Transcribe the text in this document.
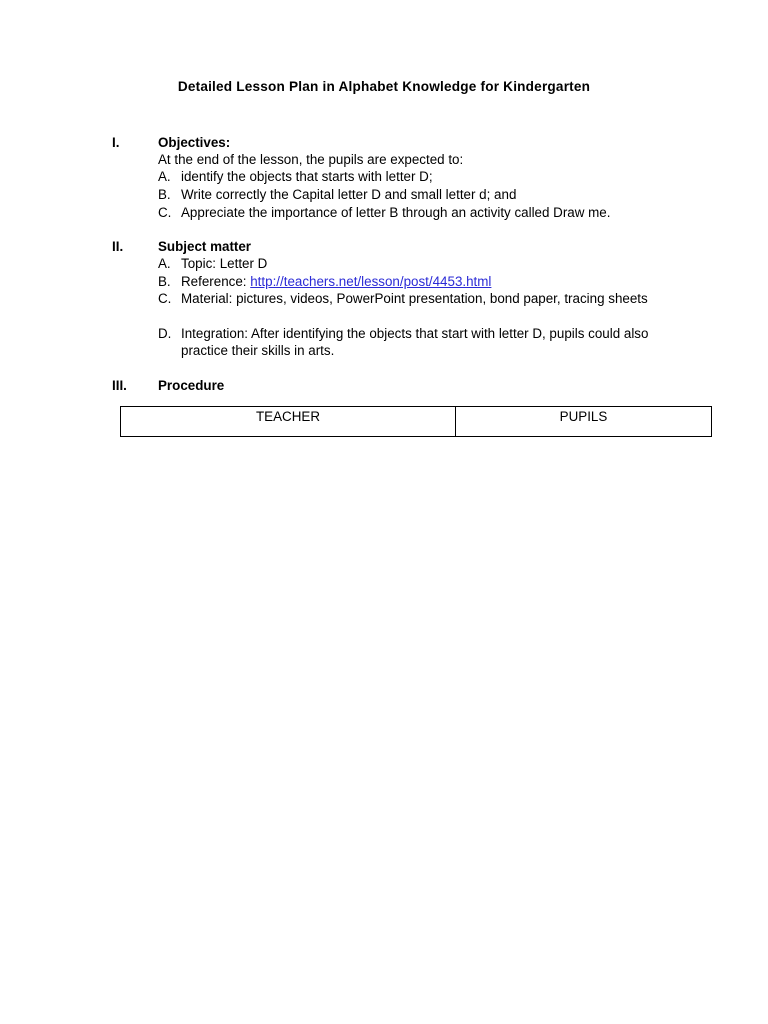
Detailed Lesson Plan in Alphabet Knowledge for Kindergarten
I.	Objectives:
At the end of the lesson, the pupils are expected to:
A. identify the objects that starts with letter D;
B. Write correctly the Capital letter D and small letter d; and
C. Appreciate the importance of letter B through an activity called Draw me.
II.	Subject matter
A. Topic: Letter D
B. Reference: http://teachers.net/lesson/post/4453.html
C. Material: pictures, videos, PowerPoint presentation, bond paper, tracing sheets
D. Integration: After identifying the objects that start with letter D, pupils could also practice their skills in arts.
III. Procedure
TEACHER	PUPILS
